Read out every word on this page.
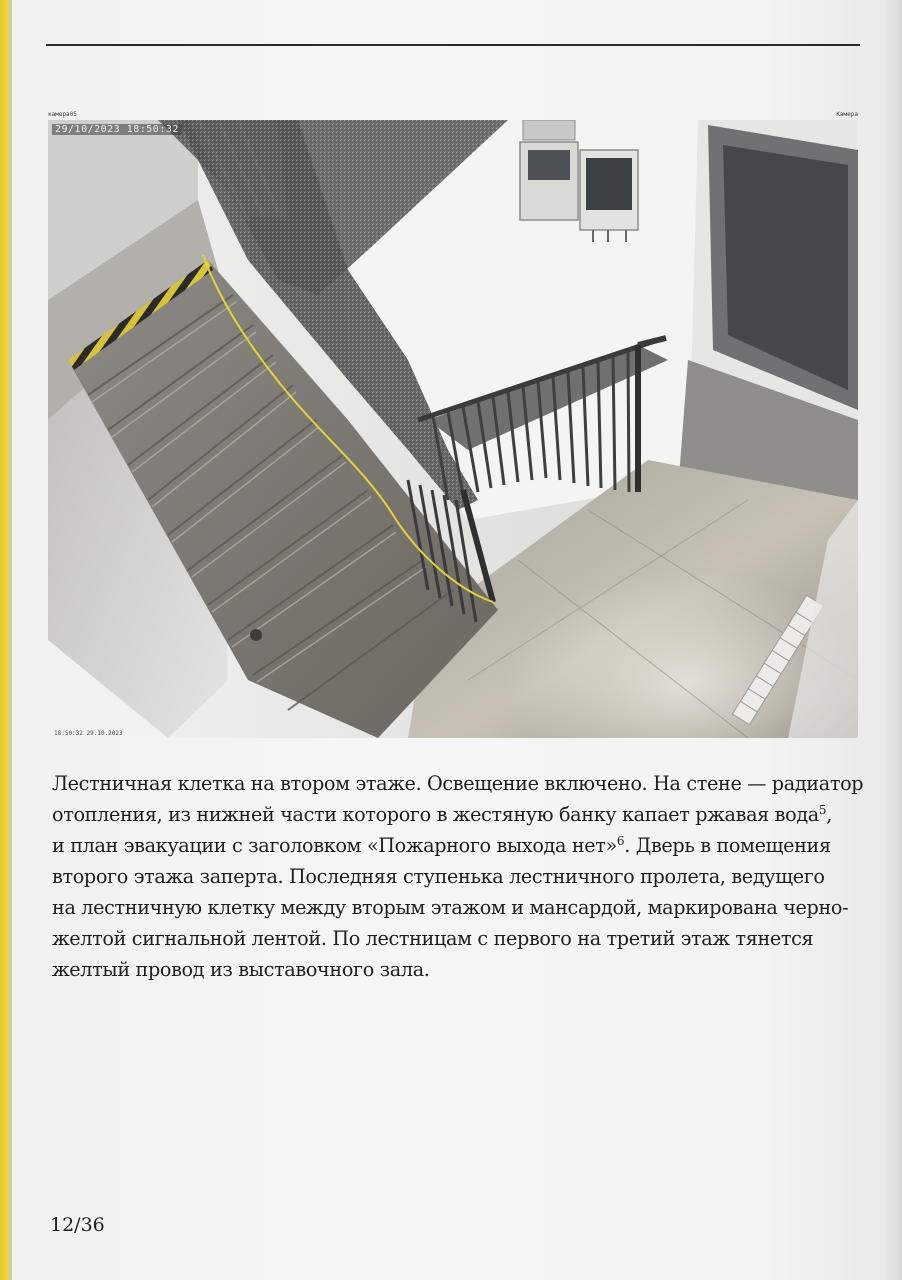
камера05	Камера
29/10/2023 18:50:32
18:50:32 29.10.2023
Лестничная клетка на втором этаже. Освещение включено. На стене — радиатор
отопления, из нижней части которого в жестяную банку капает ржавая вода$^5$,
и план эвакуации с заголовком «Пожарного выхода нет»$^6$. Дверь в помещения
второго этажа заперта. Последняя ступенька лестничного пролета, ведущего
на лестничную клетку между вторым этажом и мансардой, маркирована черно-
желтой сигнальной лентой. По лестницам с первого на третий этаж тянется
желтый провод из выставочного зала.
12/36
